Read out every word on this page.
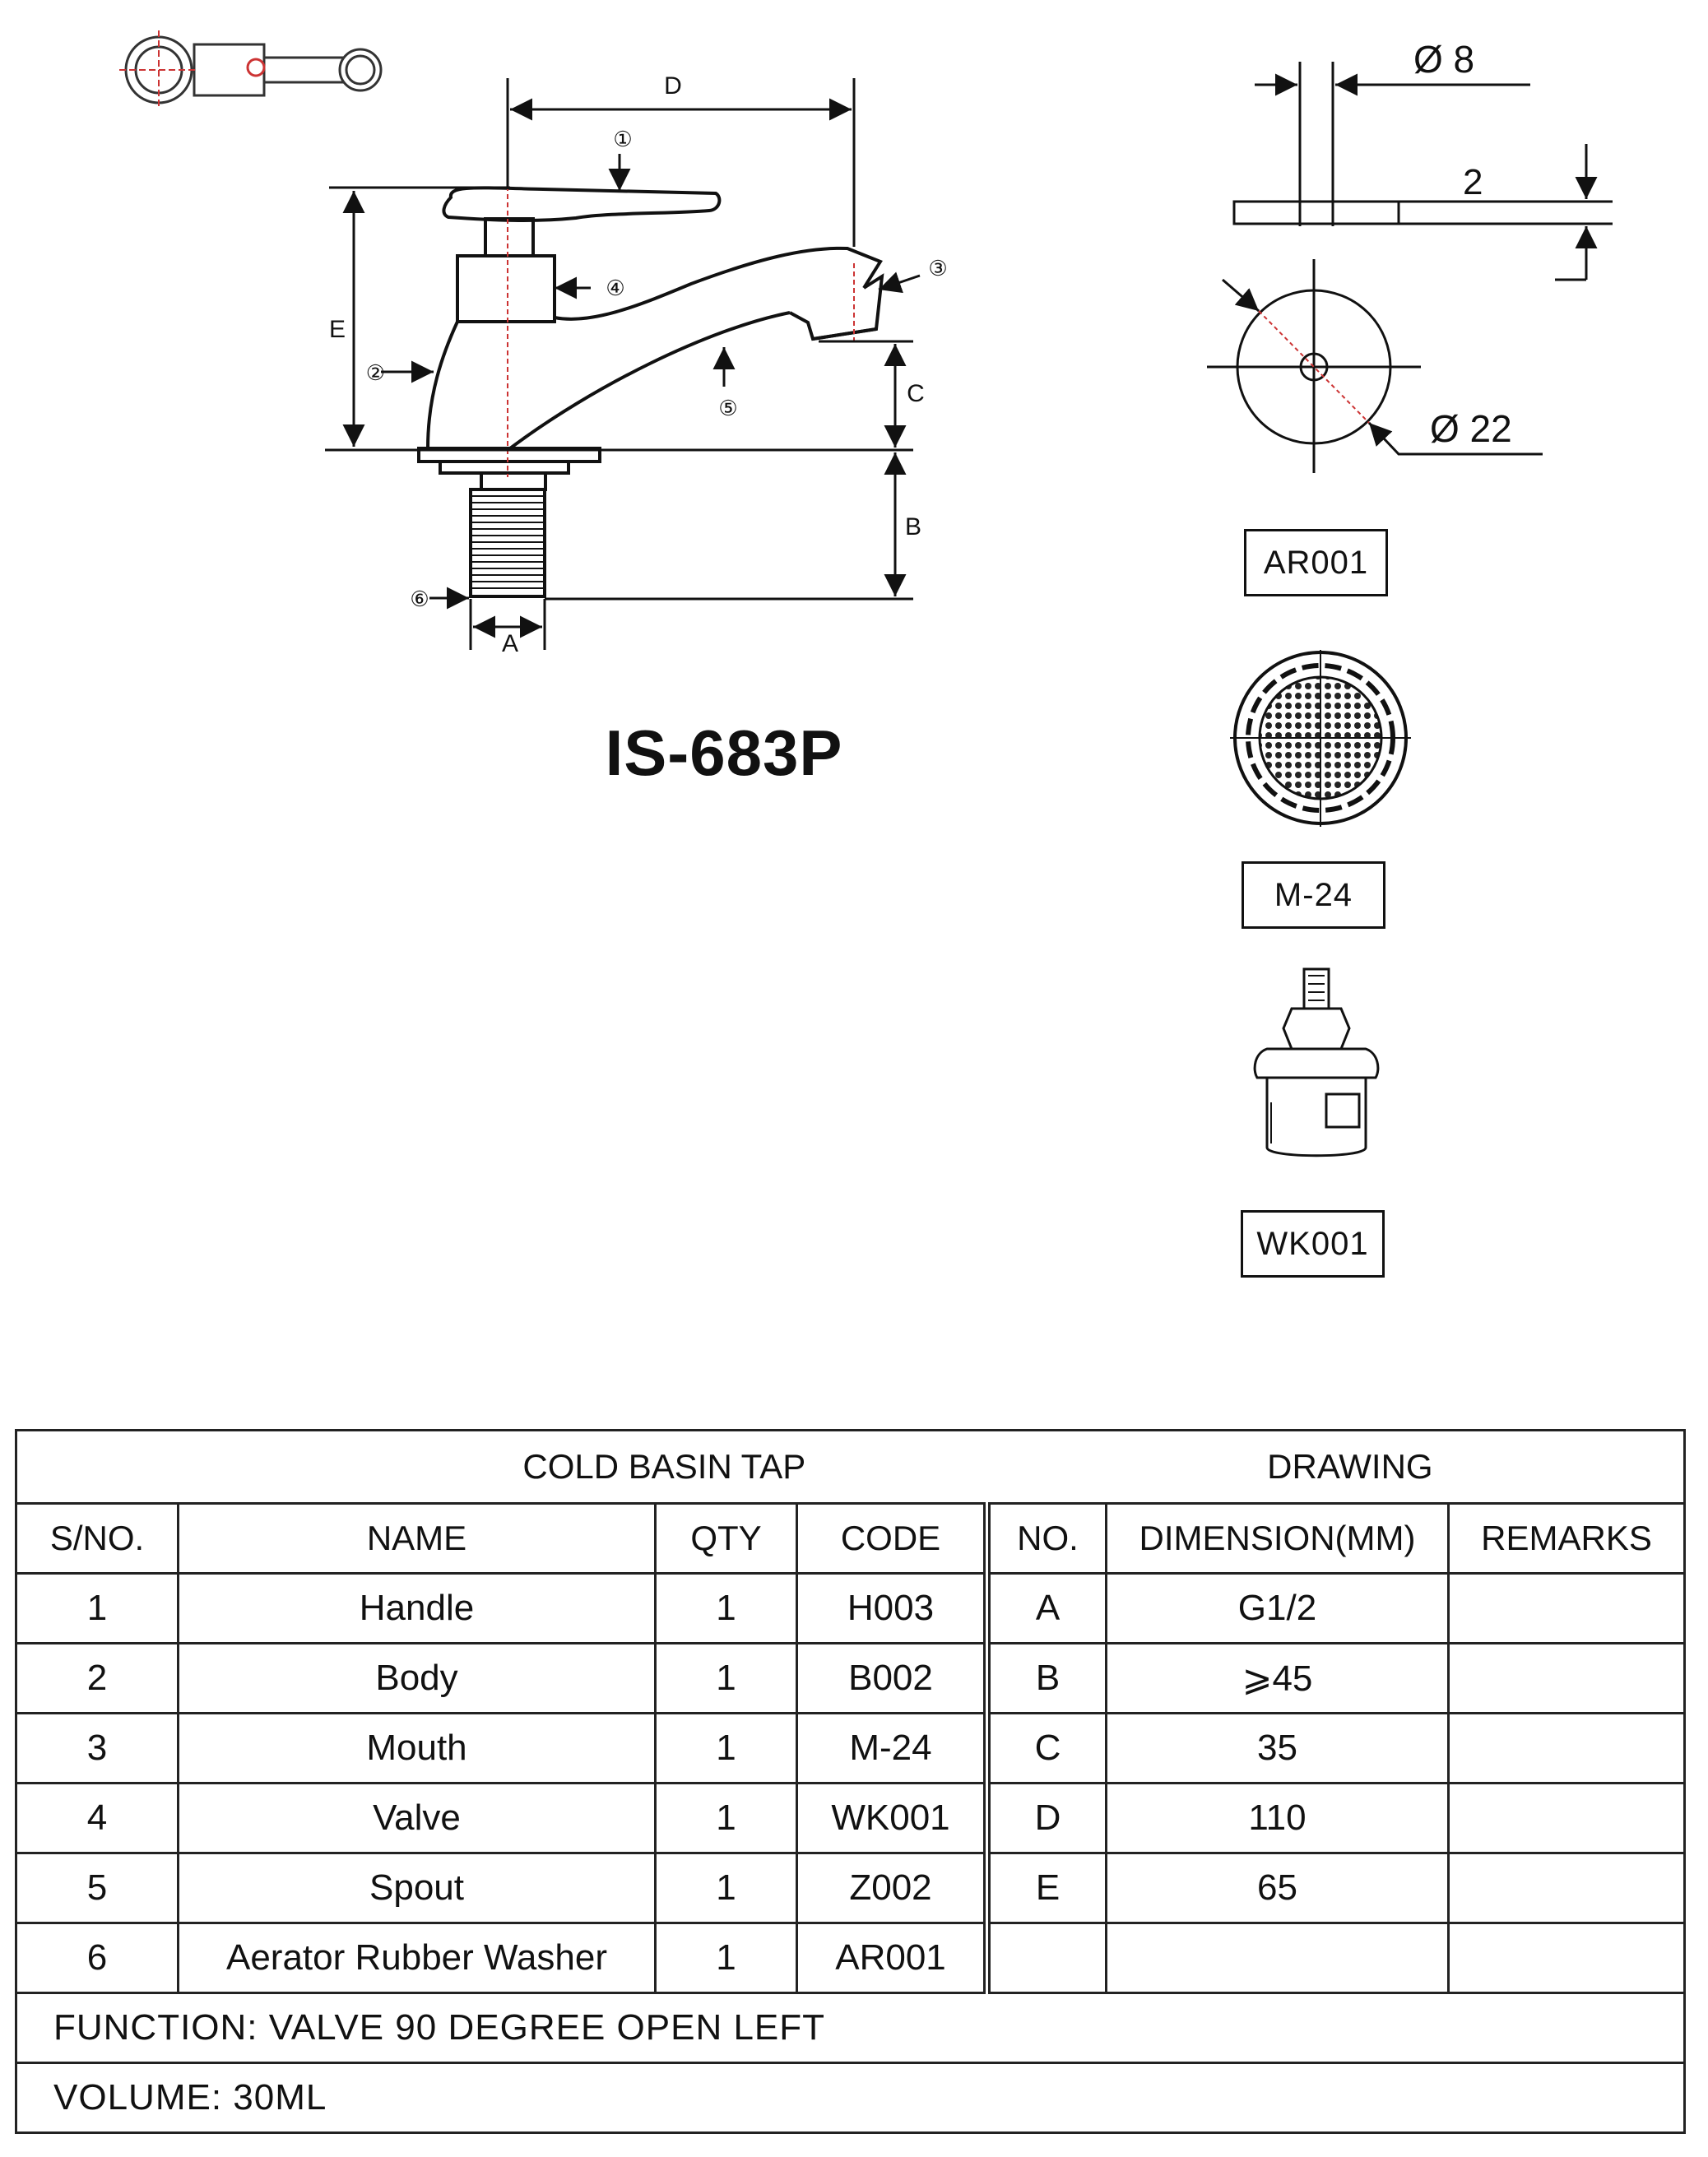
D
E
C
B
A
①
②
③
④
⑤
⑥
Ø 8
2
Ø 22
IS-683P
AR001
M-24
WK001
COLD BASIN TAP DRAWING						
S/NO.	NAME	QTY	CODE	NO.	DIMENSION(MM)	REMARKS
1	Handle	1	H003	A	G1/2	
2	Body	1	B002	B	⩾45	
3	Mouth	1	M-24	C	35	
4	Valve	1	WK001	D	110	
5	Spout	1	Z002	E	65	
6	Aerator Rubber Washer	1	AR001			
FUNCTION: VALVE 90 DEGREE OPEN LEFT						
VOLUME: 30ML						
